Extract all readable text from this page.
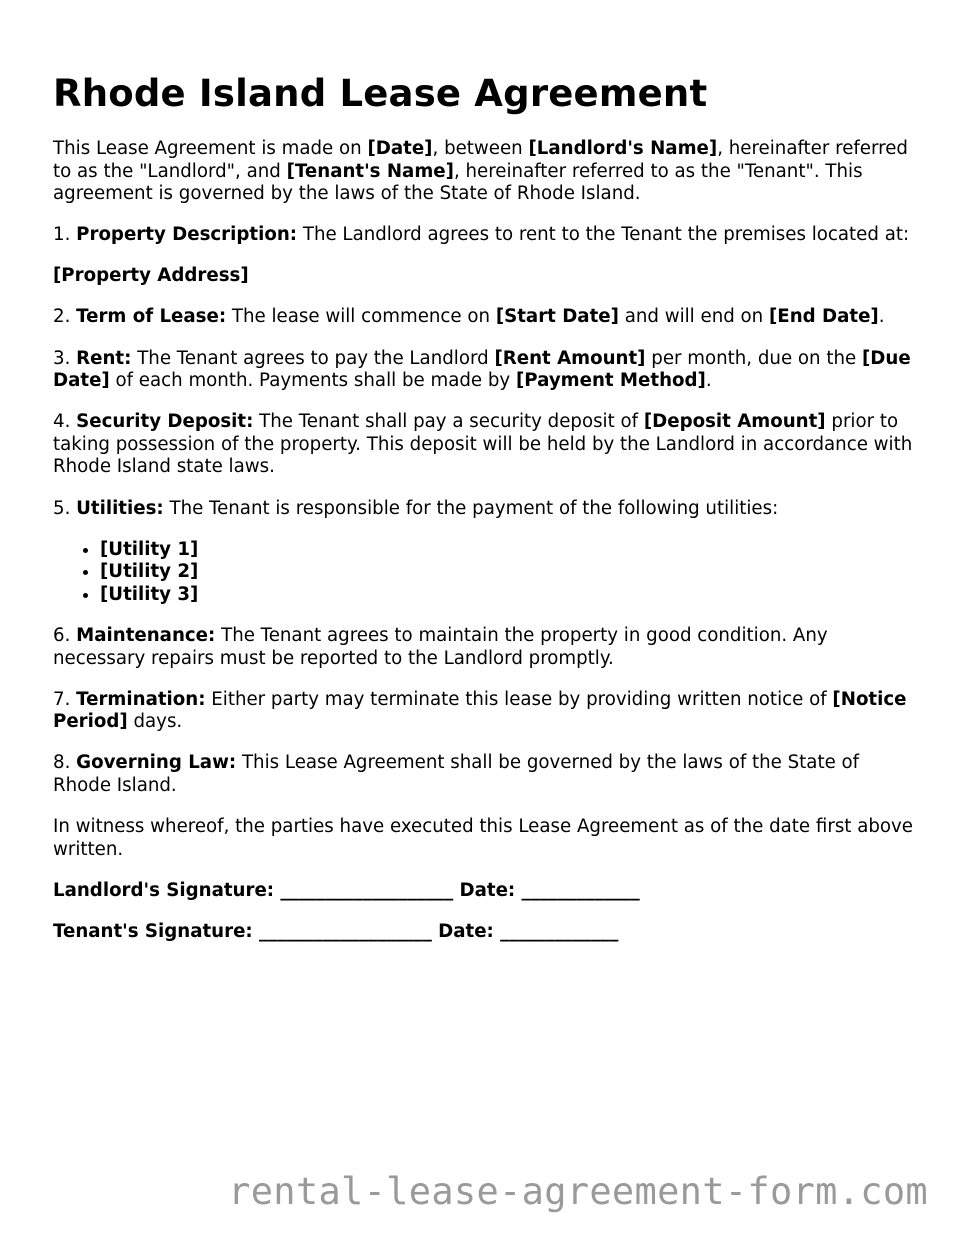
Rhode Island Lease Agreement

This Lease Agreement is made on [Date], between [Landlord's Name], hereinafter referred to as the "Landlord", and [Tenant's Name], hereinafter referred to as the "Tenant". This agreement is governed by the laws of the State of Rhode Island.

1. Property Description: The Landlord agrees to rent to the Tenant the premises located at:

[Property Address]

2. Term of Lease: The lease will commence on [Start Date] and will end on [End Date].

3. Rent: The Tenant agrees to pay the Landlord [Rent Amount] per month, due on the [Due Date] of each month. Payments shall be made by [Payment Method].

4. Security Deposit: The Tenant shall pay a security deposit of [Deposit Amount] prior to taking possession of the property. This deposit will be held by the Landlord in accordance with Rhode Island state laws.

5. Utilities: The Tenant is responsible for the payment of the following utilities:

• [Utility 1]
• [Utility 2]
• [Utility 3]

6. Maintenance: The Tenant agrees to maintain the property in good condition. Any necessary repairs must be reported to the Landlord promptly.

7. Termination: Either party may terminate this lease by providing written notice of [Notice Period] days.

8. Governing Law: This Lease Agreement shall be governed by the laws of the State of Rhode Island.

In witness whereof, the parties have executed this Lease Agreement as of the date first above written.

Landlord's Signature: ___________________ Date: _____________

Tenant's Signature: ___________________ Date: _____________

rental-lease-agreement-form.com
